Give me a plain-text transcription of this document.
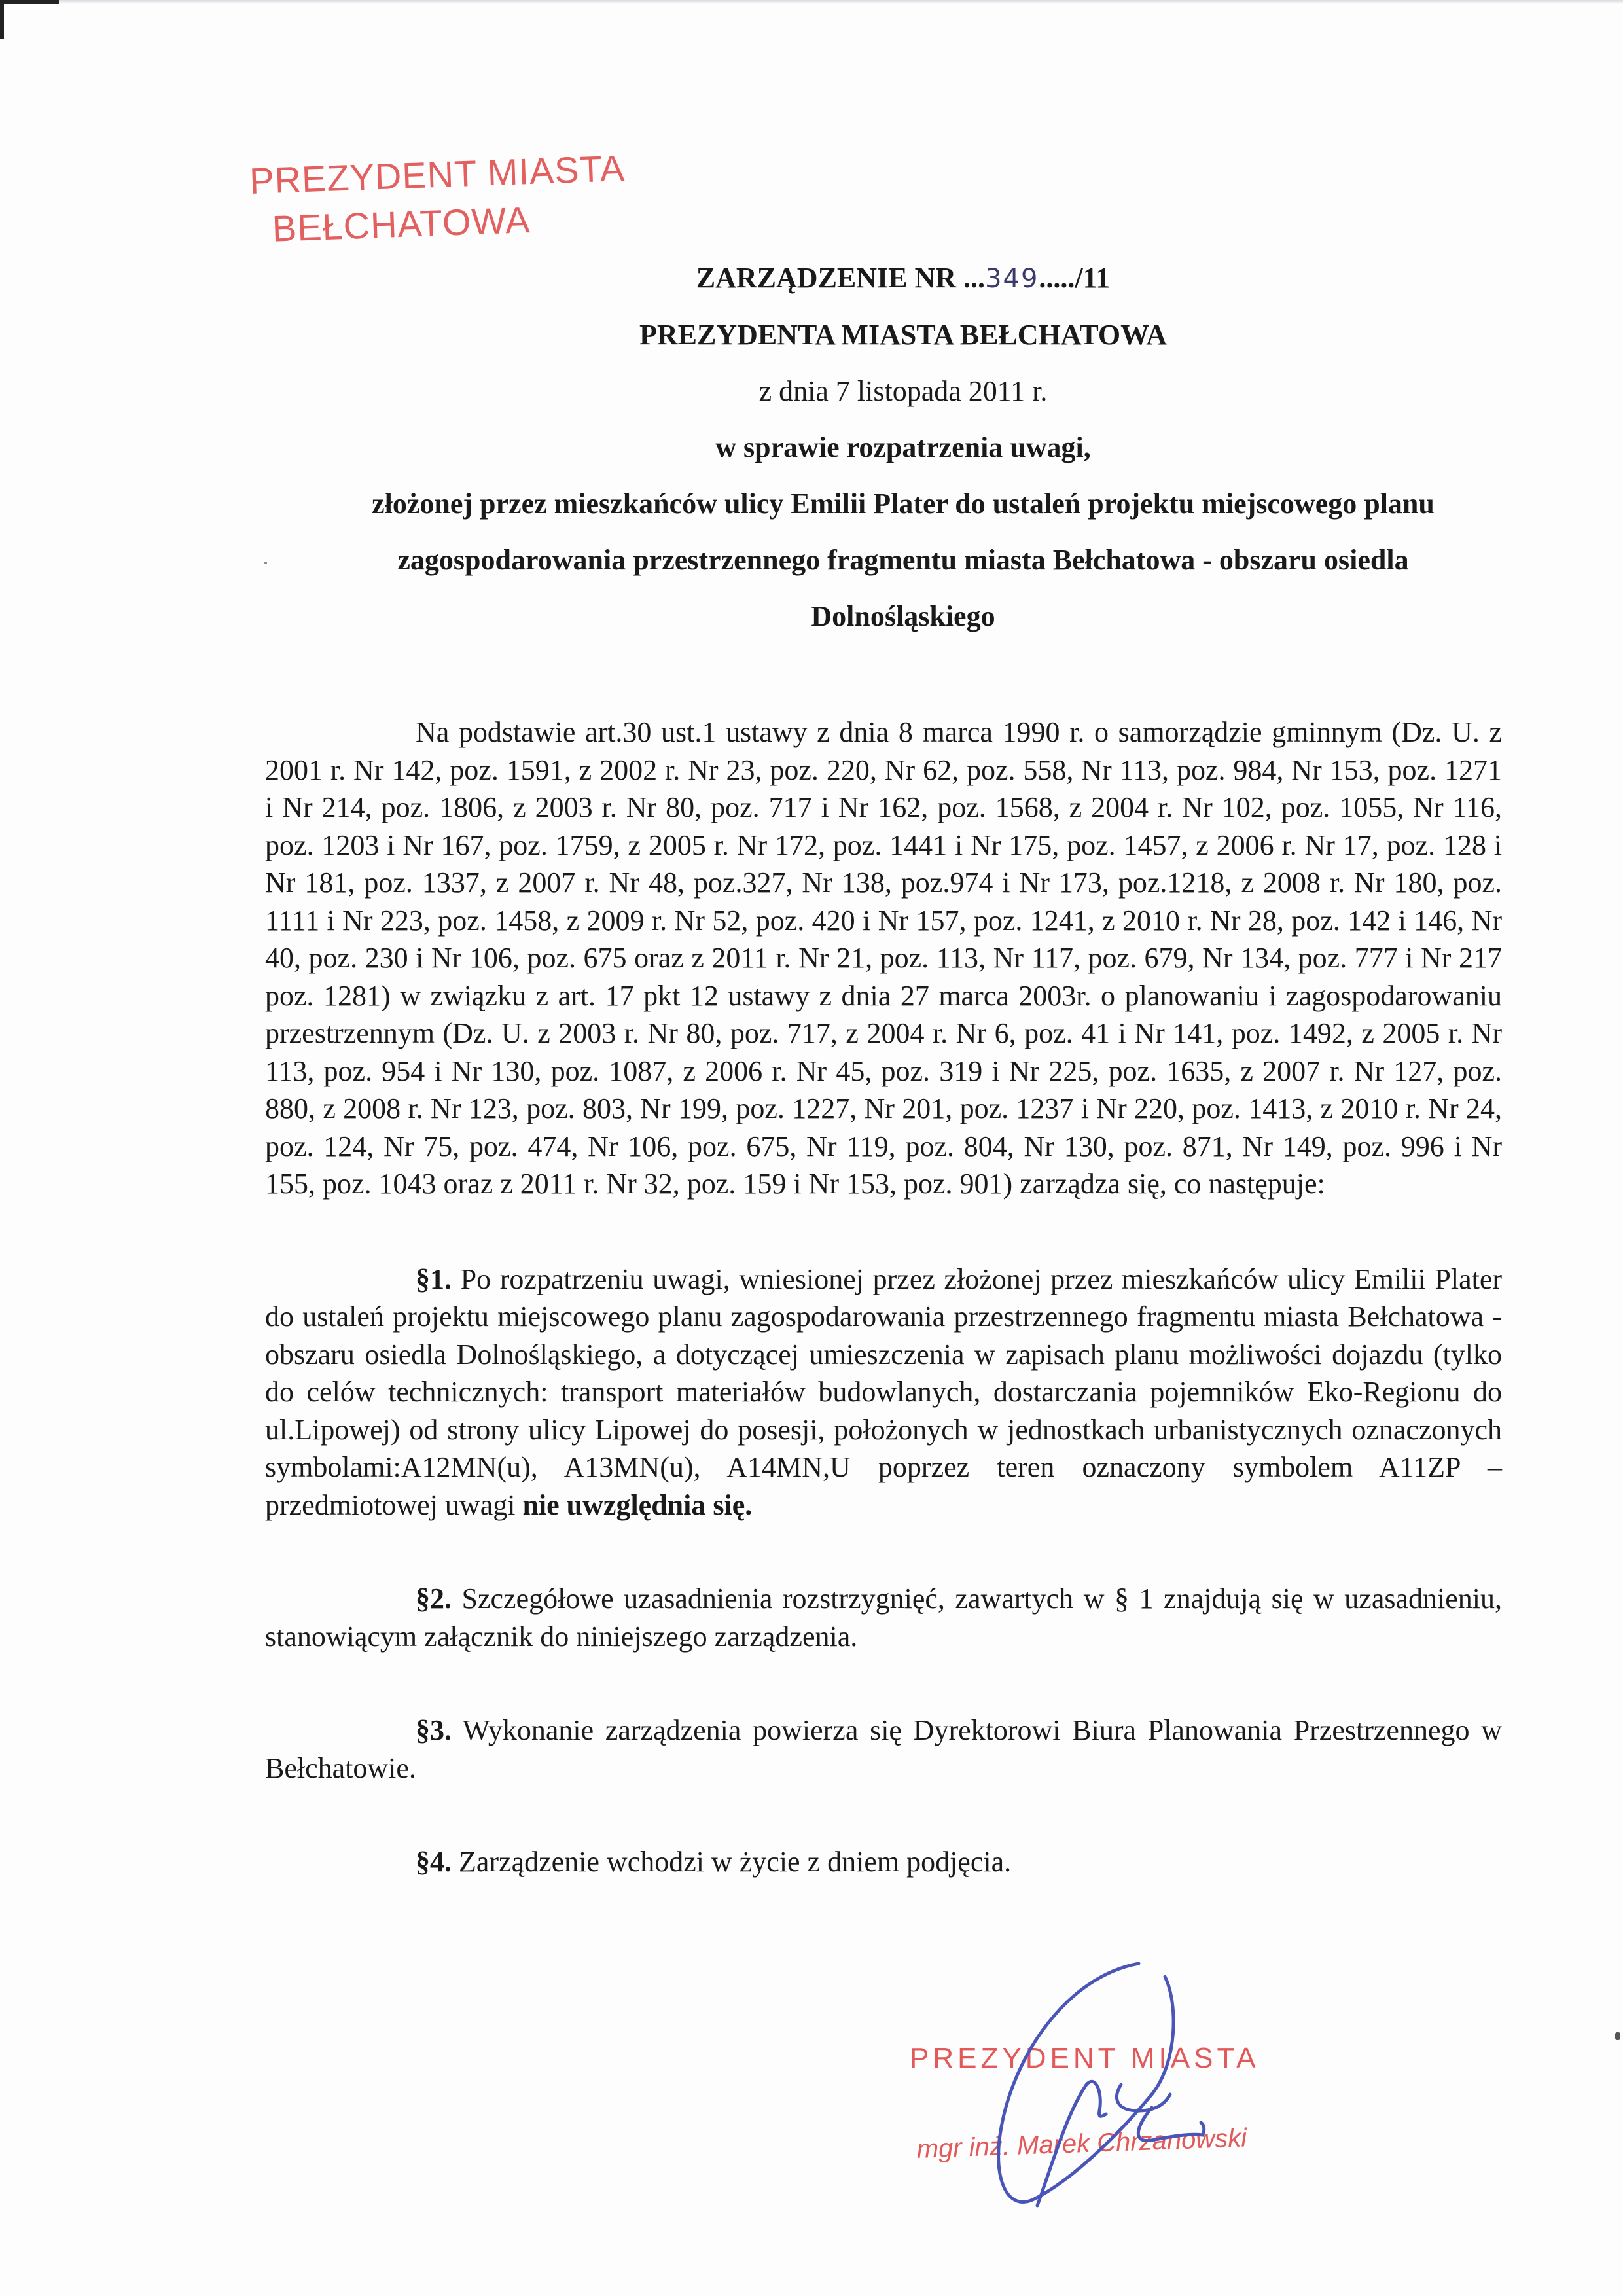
PREZYDENT MIASTA
BEŁCHATOWA

ZARZĄDZENIE NR ...349...../11

PREZYDENTA MIASTA BEŁCHATOWA

z dnia 7 listopada 2011 r.

w sprawie rozpatrzenia uwagi,

złożonej przez mieszkańców ulicy Emilii Plater do ustaleń projektu miejscowego planu

zagospodarowania przestrzennego fragmentu miasta Bełchatowa - obszaru osiedla

Dolnośląskiego

Na podstawie art.30 ust.1 ustawy z dnia 8 marca 1990 r. o samorządzie gminnym (Dz. U. z 2001 r. Nr 142, poz. 1591, z 2002 r. Nr 23, poz. 220, Nr 62, poz. 558, Nr 113, poz. 984, Nr 153, poz. 1271 i Nr 214, poz. 1806, z 2003 r. Nr 80, poz. 717 i Nr 162, poz. 1568, z 2004 r. Nr 102, poz. 1055, Nr 116, poz. 1203 i Nr 167, poz. 1759, z 2005 r. Nr 172, poz. 1441 i Nr 175, poz. 1457, z 2006 r. Nr 17, poz. 128 i Nr 181, poz. 1337, z 2007 r. Nr 48, poz.327, Nr 138, poz.974 i Nr 173, poz.1218, z 2008 r. Nr 180, poz. 1111 i Nr 223, poz. 1458, z 2009 r. Nr 52, poz. 420 i Nr 157, poz. 1241, z 2010 r. Nr 28, poz. 142 i 146, Nr 40, poz. 230 i Nr 106, poz. 675 oraz z 2011 r. Nr 21, poz. 113, Nr 117, poz. 679, Nr 134, poz. 777 i Nr 217 poz. 1281) w związku z art. 17 pkt 12 ustawy z dnia 27 marca 2003r. o planowaniu i zagospodarowaniu przestrzennym (Dz. U. z 2003 r. Nr 80, poz. 717, z 2004 r. Nr 6, poz. 41 i Nr 141, poz. 1492, z 2005 r. Nr 113, poz. 954 i Nr 130, poz. 1087, z 2006 r. Nr 45, poz. 319 i Nr 225, poz. 1635, z 2007 r. Nr 127, poz. 880, z 2008 r. Nr 123, poz. 803, Nr 199, poz. 1227, Nr 201, poz. 1237 i Nr 220, poz. 1413, z 2010 r. Nr 24, poz. 124, Nr 75, poz. 474, Nr 106, poz. 675, Nr 119, poz. 804, Nr 130, poz. 871, Nr 149, poz. 996 i Nr 155, poz. 1043 oraz z 2011 r. Nr 32, poz. 159 i Nr 153, poz. 901) zarządza się, co następuje:

§1. Po rozpatrzeniu uwagi, wniesionej przez złożonej przez mieszkańców ulicy Emilii Plater do ustaleń projektu miejscowego planu zagospodarowania przestrzennego fragmentu miasta Bełchatowa - obszaru osiedla Dolnośląskiego, a dotyczącej umieszczenia w zapisach planu możliwości dojazdu (tylko do celów technicznych: transport materiałów budowlanych, dostarczania pojemników Eko-Regionu do ul.Lipowej) od strony ulicy Lipowej do posesji, położonych w jednostkach urbanistycznych oznaczonych symbolami:A12MN(u), A13MN(u), A14MN,U poprzez teren oznaczony symbolem A11ZP – przedmiotowej uwagi nie uwzględnia się.

§2. Szczegółowe uzasadnienia rozstrzygnięć, zawartych w § 1 znajdują się w uzasadnieniu, stanowiącym załącznik do niniejszego zarządzenia.

§3. Wykonanie zarządzenia powierza się Dyrektorowi Biura Planowania Przestrzennego w Bełchatowie.

§4. Zarządzenie wchodzi w życie z dniem podjęcia.

PREZYDENT MIASTA
mgr inż. Marek Chrzanowski
